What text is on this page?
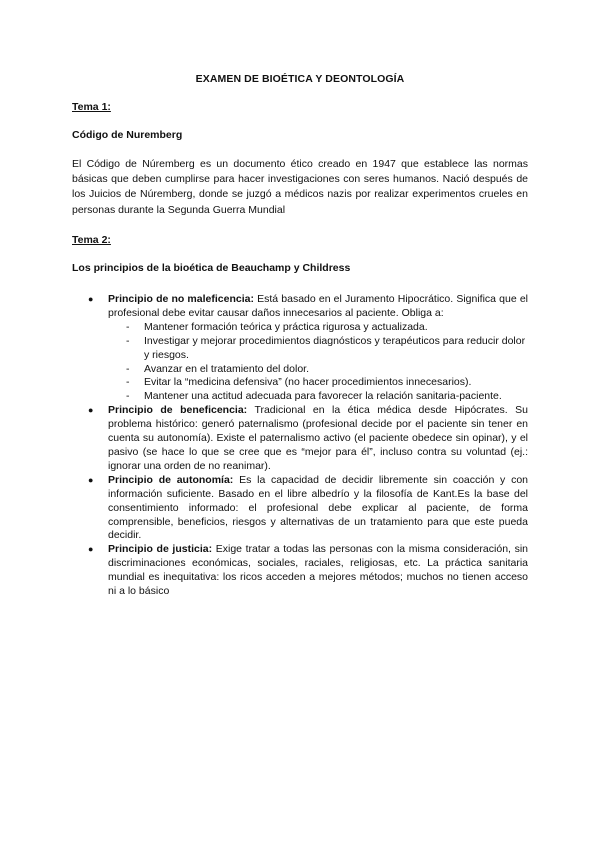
EXAMEN DE BIOÉTICA Y DEONTOLOGÍA
Tema 1:
Código de Nuremberg
El Código de Núremberg es un documento ético creado en 1947 que establece las normas básicas que deben cumplirse para hacer investigaciones con seres humanos. Nació después de los Juicios de Núremberg, donde se juzgó a médicos nazis por realizar experimentos crueles en personas durante la Segunda Guerra Mundial
Tema 2:
Los principios de la bioética de Beauchamp y Childress
● Principio de no maleficencia: Está basado en el Juramento Hipocrático. Significa que el profesional debe evitar causar daños innecesarios al paciente. Obliga a:
- Mantener formación teórica y práctica rigurosa y actualizada.
- Investigar y mejorar procedimientos diagnósticos y terapéuticos para reducir dolor y riesgos.
- Avanzar en el tratamiento del dolor.
- Evitar la “medicina defensiva” (no hacer procedimientos innecesarios).
- Mantener una actitud adecuada para favorecer la relación sanitaria-paciente.
● Principio de beneficencia: Tradicional en la ética médica desde Hipócrates. Su problema histórico: generó paternalismo (profesional decide por el paciente sin tener en cuenta su autonomía). Existe el paternalismo activo (el paciente obedece sin opinar), y el pasivo (se hace lo que se cree que es “mejor para él”, incluso contra su voluntad (ej.: ignorar una orden de no reanimar).
● Principio de autonomía: Es la capacidad de decidir libremente sin coacción y con información suficiente. Basado en el libre albedrío y la filosofía de Kant.Es la base del consentimiento informado: el profesional debe explicar al paciente, de forma comprensible, beneficios, riesgos y alternativas de un tratamiento para que este pueda decidir.
● Principio de justicia: Exige tratar a todas las personas con la misma consideración, sin discriminaciones económicas, sociales, raciales, religiosas, etc. La práctica sanitaria mundial es inequitativa: los ricos acceden a mejores métodos; muchos no tienen acceso ni a lo básico
